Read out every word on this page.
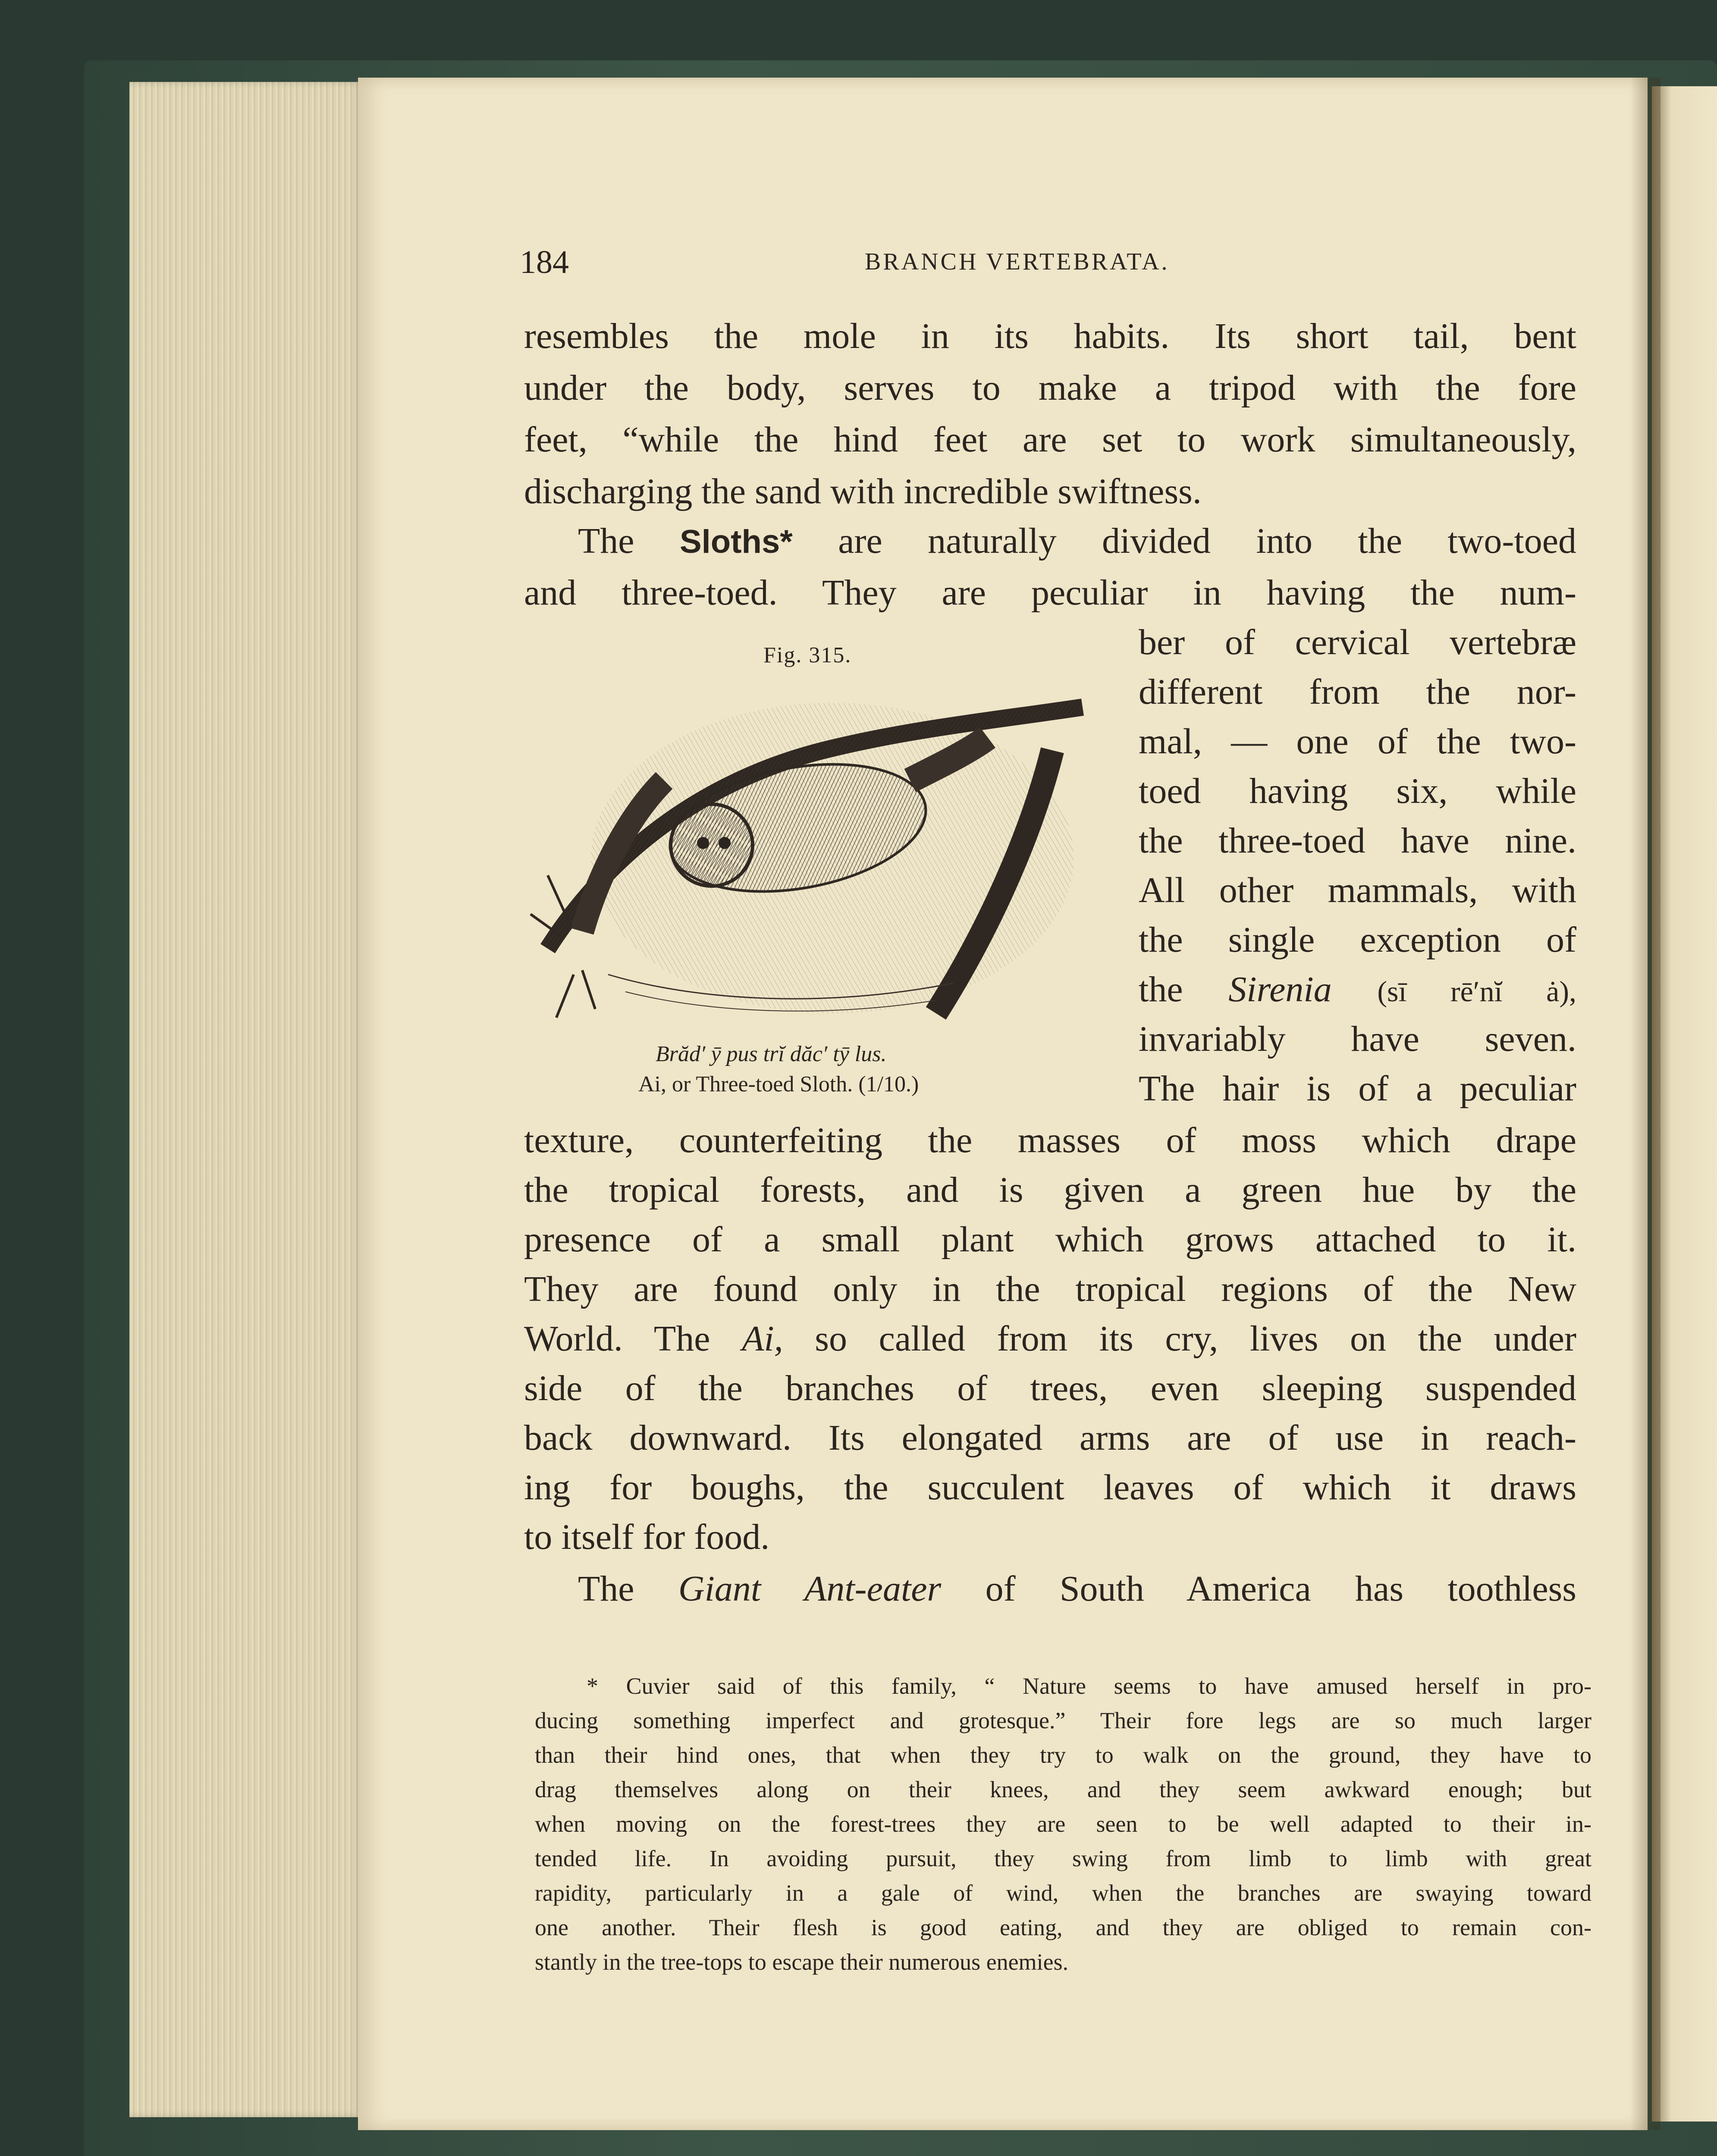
184	BRANCH VERTEBRATA.
resembles the mole in its habits. Its short tail, bent
under the body, serves to make a tripod with the fore
feet, “while the hind feet are set to work simultaneously,
discharging the sand with incredible swiftness.
The Sloths* are naturally divided into the two-toed
and three-toed. They are peculiar in having the num-
ber of cervical vertebræ
different from the nor-
mal, — one of the two-
toed having six, while
the three-toed have nine.
All other mammals, with
the single exception of
the Sirenia (sī rē′nĭ ȧ),
invariably have seven.
The hair is of a peculiar
texture, counterfeiting the masses of moss which drape
the tropical forests, and is given a green hue by the
presence of a small plant which grows attached to it.
They are found only in the tropical regions of the New
World. The Ai, so called from its cry, lives on the under
side of the branches of trees, even sleeping suspended
back downward. Its elongated arms are of use in reach-
ing for boughs, the succulent leaves of which it draws
to itself for food.
The Giant Ant-eater of South America has toothless
Fig. 315.
Brăd′ ȳ pus trĭ dăc′ tȳ lus.
Ai, or Three-toed Sloth. (1/10.)
* Cuvier said of this family, “ Nature seems to have amused herself in pro-
ducing something imperfect and grotesque.” Their fore legs are so much larger
than their hind ones, that when they try to walk on the ground, they have to
drag themselves along on their knees, and they seem awkward enough; but
when moving on the forest-trees they are seen to be well adapted to their in-
tended life. In avoiding pursuit, they swing from limb to limb with great
rapidity, particularly in a gale of wind, when the branches are swaying toward
one another. Their flesh is good eating, and they are obliged to remain con-
stantly in the tree-tops to escape their numerous enemies.
